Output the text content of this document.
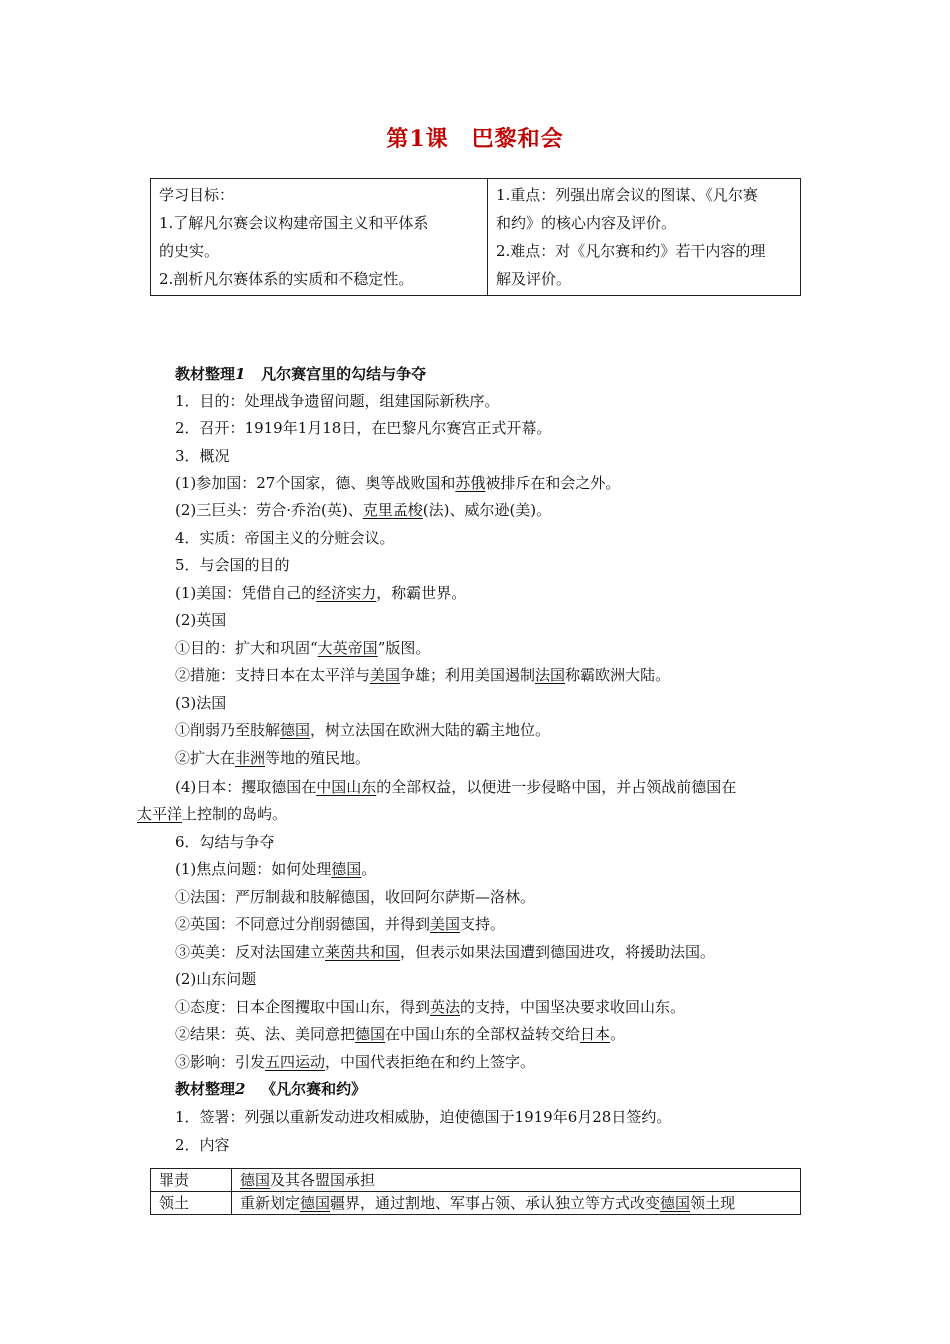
第1课　巴黎和会
学习目标：
1.了解凡尔赛会议构建帝国主义和平体系
的史实。
2.剖析凡尔赛体系的实质和不稳定性。

1.重点：列强出席会议的图谋、《凡尔赛
和约》的核心内容及评价。
2.难点：对《凡尔赛和约》若干内容的理
解及评价。
教材整理1 凡尔赛宫里的勾结与争夺
1．目的：处理战争遗留问题，组建国际新秩序。
2．召开：1919年1月18日，在巴黎凡尔赛宫正式开幕。
3．概况
(1)参加国：27个国家，德、奥等战败国和苏俄被排斥在和会之外。
(2)三巨头：劳合·乔治(英)、克里孟梭(法)、威尔逊(美)。
4．实质：帝国主义的分赃会议。
5．与会国的目的
(1)美国：凭借自己的经济实力，称霸世界。
(2)英国
①目的：扩大和巩固“大英帝国”版图。
②措施：支持日本在太平洋与美国争雄；利用美国遏制法国称霸欧洲大陆。
(3)法国
①削弱乃至肢解德国，树立法国在欧洲大陆的霸主地位。
②扩大在非洲等地的殖民地。
(4)日本：攫取德国在中国山东的全部权益，以便进一步侵略中国，并占领战前德国在
太平洋上控制的岛屿。
6．勾结与争夺
(1)焦点问题：如何处理德国。
①法国：严厉制裁和肢解德国，收回阿尔萨斯—洛林。
②英国：不同意过分削弱德国，并得到美国支持。
③英美：反对法国建立莱茵共和国，但表示如果法国遭到德国进攻，将援助法国。
(2)山东问题
①态度：日本企图攫取中国山东，得到英法的支持，中国坚决要求收回山东。
②结果：英、法、美同意把德国在中国山东的全部权益转交给日本。
③影响：引发五四运动，中国代表拒绝在和约上签字。
教材整理2 《凡尔赛和约》
1．签署：列强以重新发动进攻相威胁，迫使德国于1919年6月28日签约。
2．内容
罪责	德国及其各盟国承担
领土	重新划定德国疆界，通过割地、军事占领、承认独立等方式改变德国领土现
